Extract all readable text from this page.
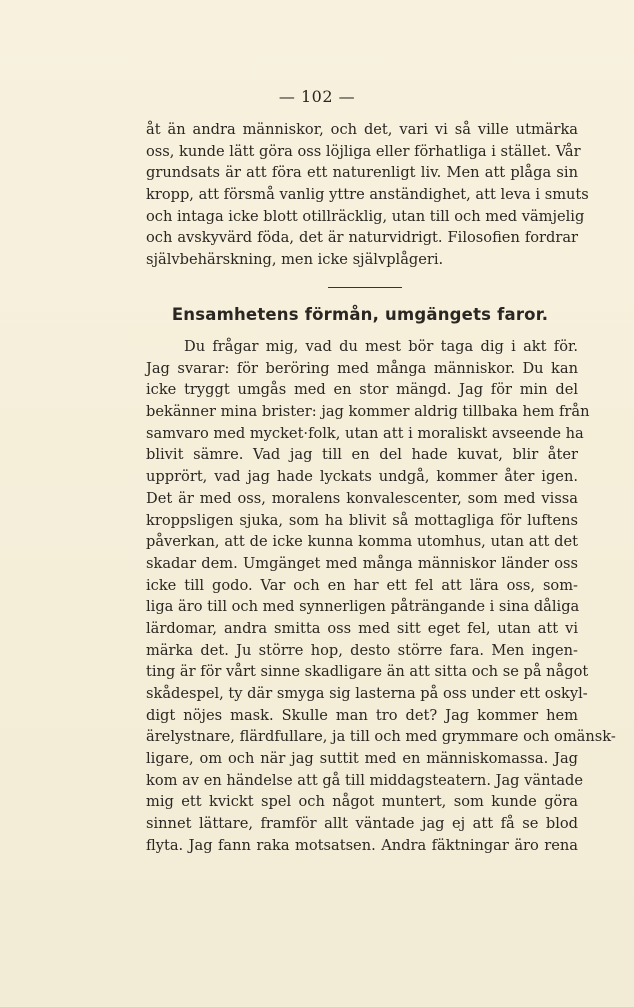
— 102 —
åt än andra människor, och det, vari vi så ville utmärka
oss, kunde lätt göra oss löjliga eller förhatliga i stället. Vår
grundsats är att föra ett naturenligt liv. Men att plåga sin
kropp, att försmå vanlig yttre anständighet, att leva i smuts
och intaga icke blott otillräcklig, utan till och med vämjelig
och avskyvärd föda, det är naturvidrigt. Filosofien fordrar
självbehärskning, men icke självplågeri.
Ensamhetens förmån, umgängets faror.
Du frågar mig, vad du mest bör taga dig i akt för.
Jag svarar: för beröring med många människor. Du kan
icke tryggt umgås med en stor mängd. Jag för min del
bekänner mina brister: jag kommer aldrig tillbaka hem från
samvaro med mycket·folk, utan att i moraliskt avseende ha
blivit sämre. Vad jag till en del hade kuvat, blir åter
upprört, vad jag hade lyckats undgå, kommer åter igen.
Det är med oss, moralens konvalescenter, som med vissa
kroppsligen sjuka, som ha blivit så mottagliga för luftens
påverkan, att de icke kunna komma utomhus, utan att det
skadar dem. Umgänget med många människor länder oss
icke till godo. Var och en har ett fel att lära oss, som-
liga äro till och med synnerligen påträngande i sina dåliga
lärdomar, andra smitta oss med sitt eget fel, utan att vi
märka det. Ju större hop, desto större fara. Men ingen-
ting är för vårt sinne skadligare än att sitta och se på något
skådespel, ty där smyga sig lasterna på oss under ett oskyl-
digt nöjes mask. Skulle man tro det? Jag kommer hem
ärelystnare, flärdfullare, ja till och med grymmare och omänsk-
ligare, om och när jag suttit med en människomassa. Jag
kom av en händelse att gå till middagsteatern. Jag väntade
mig ett kvickt spel och något muntert, som kunde göra
sinnet lättare, framför allt väntade jag ej att få se blod
flyta. Jag fann raka motsatsen. Andra fäktningar äro rena
